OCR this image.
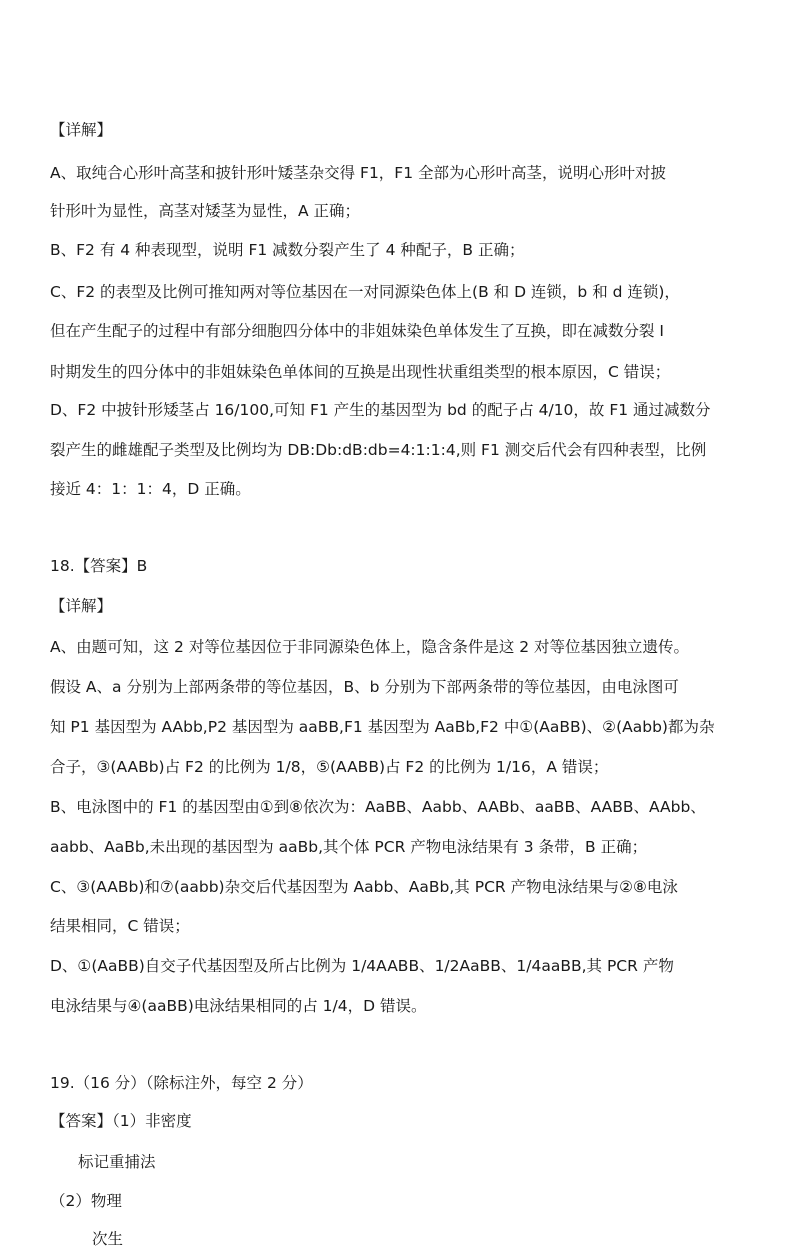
【详解】
A、取纯合心形叶高茎和披针形叶矮茎杂交得 F1，F1 全部为心形叶高茎，说明心形叶对披
针形叶为显性，高茎对矮茎为显性，A 正确；
B、F2 有 4 种表现型，说明 F1 减数分裂产生了 4 种配子，B 正确；
C、F2 的表型及比例可推知两对等位基因在一对同源染色体上(B 和 D 连锁，b 和 d 连锁)，
但在产生配子的过程中有部分细胞四分体中的非姐妹染色单体发生了互换，即在减数分裂 I
时期发生的四分体中的非姐妹染色单体间的互换是出现性状重组类型的根本原因，C 错误；
D、F2 中披针形矮茎占 16/100,可知 F1 产生的基因型为 bd 的配子占 4/10，故 F1 通过减数分
裂产生的雌雄配子类型及比例均为 DB:Db:dB:db=4:1:1:4,则 F1 测交后代会有四种表型，比例
接近 4：1：1：4，D 正确。
18.【答案】B
【详解】
A、由题可知，这 2 对等位基因位于非同源染色体上，隐含条件是这 2 对等位基因独立遗传。
假设 A、a 分别为上部两条带的等位基因，B、b 分别为下部两条带的等位基因，由电泳图可
知 P1 基因型为 AAbb,P2 基因型为 aaBB,F1 基因型为 AaBb,F2 中①(AaBB)、②(Aabb)都为杂
合子，③(AABb)占 F2 的比例为 1/8，⑤(AABB)占 F2 的比例为 1/16，A 错误；
B、电泳图中的 F1 的基因型由①到⑧依次为：AaBB、Aabb、AABb、aaBB、AABB、AAbb、
aabb、AaBb,未出现的基因型为 aaBb,其个体 PCR 产物电泳结果有 3 条带，B 正确；
C、③(AABb)和⑦(aabb)杂交后代基因型为 Aabb、AaBb,其 PCR 产物电泳结果与②⑧电泳
结果相同，C 错误；
D、①(AaBB)自交子代基因型及所占比例为 1/4AABB、1/2AaBB、1/4aaBB,其 PCR 产物
电泳结果与④(aaBB)电泳结果相同的占 1/4，D 错误。
19.（16 分）（除标注外，每空 2 分）
【答案】（1）非密度
标记重捕法
（2）物理
次生
